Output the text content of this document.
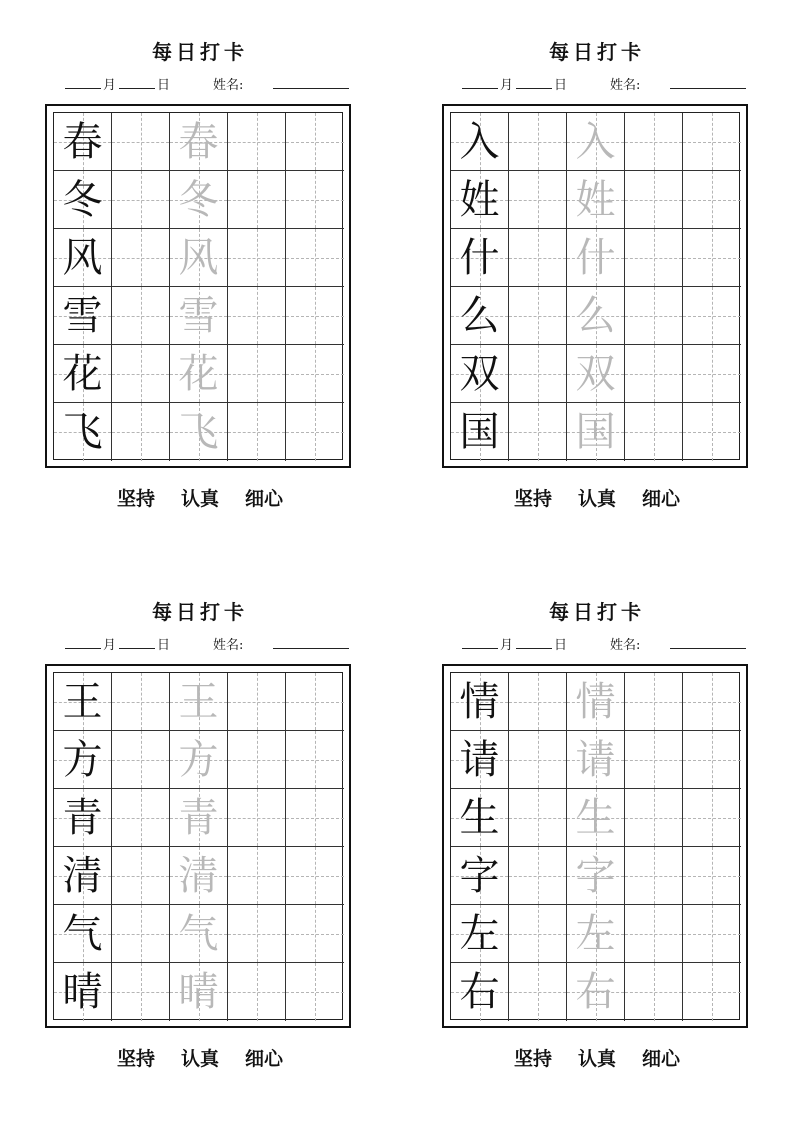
每日打卡
月	日	姓名:
春 春
冬 冬
风 风
雪 雪
花 花
飞 飞
坚持 认真 细心
每日打卡
月	日	姓名:
入 入
姓 姓
什 什
么 么
双 双
国 国
坚持 认真 细心
每日打卡
月	日	姓名:
王 王
方 方
青 青
清 清
气 气
晴 晴
坚持 认真 细心
每日打卡
月	日	姓名:
情 情
请 请
生 生
字 字
左 左
右 右
坚持 认真 细心
